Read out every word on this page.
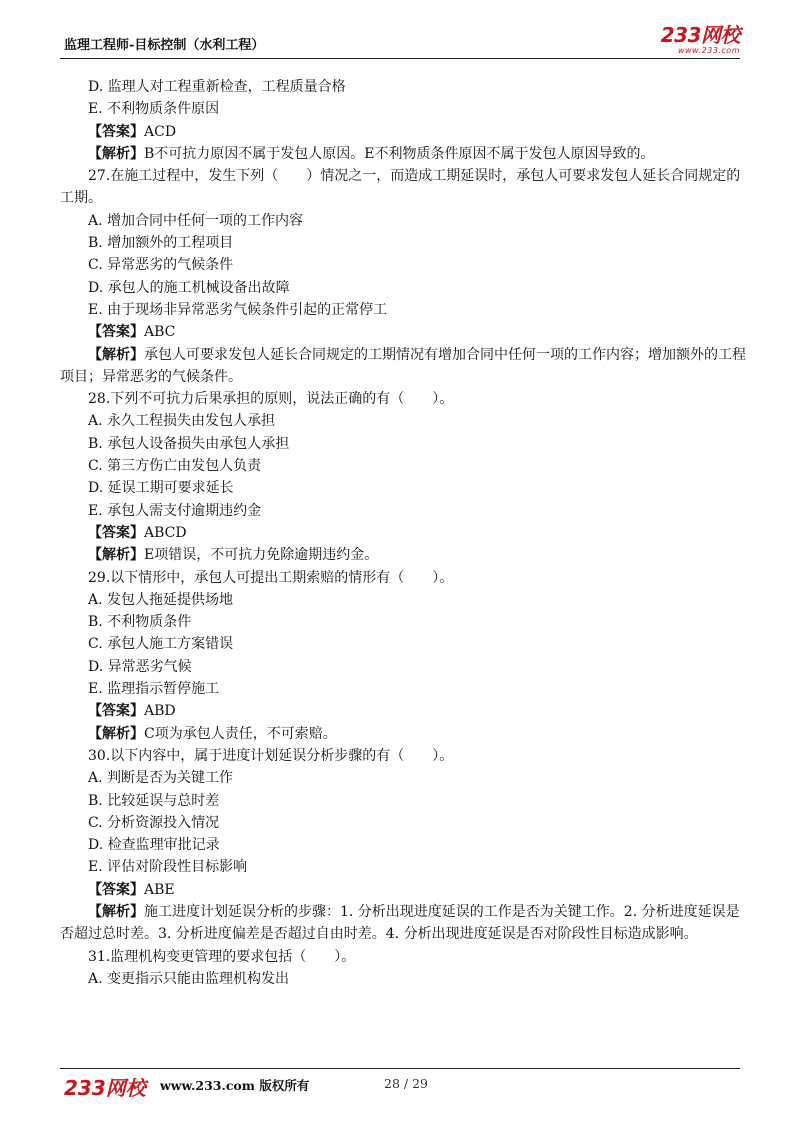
监理工程师-目标控制（水利工程）	233网校
www.233.com
D. 监理人对工程重新检查，工程质量合格
E. 不利物质条件原因
【答案】ACD
【解析】B不可抗力原因不属于发包人原因。E不利物质条件原因不属于发包人原因导致的。
27.在施工过程中，发生下列（　　）情况之一，而造成工期延误时，承包人可要求发包人延长合同规定的工期。
A. 增加合同中任何一项的工作内容
B. 增加额外的工程项目
C. 异常恶劣的气候条件
D. 承包人的施工机械设备出故障
E. 由于现场非异常恶劣气候条件引起的正常停工
【答案】ABC
【解析】承包人可要求发包人延长合同规定的工期情况有增加合同中任何一项的工作内容；增加额外的工程项目；异常恶劣的气候条件。
28.下列不可抗力后果承担的原则，说法正确的有（　　）。
A. 永久工程损失由发包人承担
B. 承包人设备损失由承包人承担
C. 第三方伤亡由发包人负责
D. 延误工期可要求延长
E. 承包人需支付逾期违约金
【答案】ABCD
【解析】E项错误，不可抗力免除逾期违约金。
29.以下情形中，承包人可提出工期索赔的情形有（　　）。
A. 发包人拖延提供场地
B. 不利物质条件
C. 承包人施工方案错误
D. 异常恶劣气候
E. 监理指示暂停施工
【答案】ABD
【解析】C项为承包人责任，不可索赔。
30.以下内容中，属于进度计划延误分析步骤的有（　　）。
A. 判断是否为关键工作
B. 比较延误与总时差
C. 分析资源投入情况
D. 检查监理审批记录
E. 评估对阶段性目标影响
【答案】ABE
【解析】施工进度计划延误分析的步骤：1. 分析出现进度延误的工作是否为关键工作。2. 分析进度延误是否超过总时差。3. 分析进度偏差是否超过自由时差。4. 分析出现进度延误是否对阶段性目标造成影响。
31.监理机构变更管理的要求包括（　　）。
A. 变更指示只能由监理机构发出
233网校 www.233.com 版权所有	28 / 29
